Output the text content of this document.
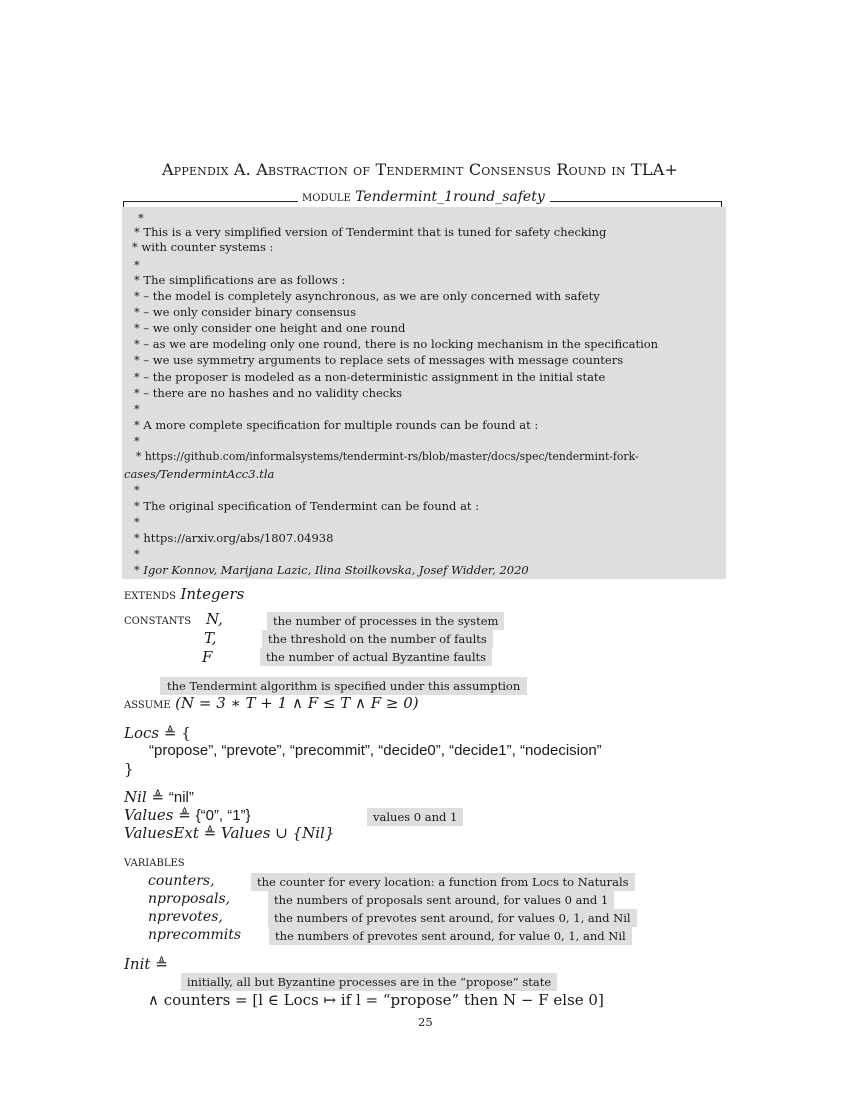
Appendix A. Abstraction of Tendermint Consensus Round in TLA+
module Tendermint_1round_safety
*
* This is a very simplified version of Tendermint that is tuned for safety checking
* with counter systems :
*
* The simplifications are as follows :
* – the model is completely asynchronous, as we are only concerned with safety
* – we only consider binary consensus
* – we only consider one height and one round
* – as we are modeling only one round, there is no locking mechanism in the specification
* – we use symmetry arguments to replace sets of messages with message counters
* – the proposer is modeled as a non-deterministic assignment in the initial state
* – there are no hashes and no validity checks
*
* A more complete specification for multiple rounds can be found at :
*
* https://github.com/informalsystems/tendermint-rs/blob/master/docs/spec/tendermint-fork-
cases/TendermintAcc3.tla
*
* The original specification of Tendermint can be found at :
*
* https://arxiv.org/abs/1807.04938
*
* Igor Konnov, Marijana Lazic, Ilina Stoilkovska, Josef Widder, 2020
extends Integers
constants N,	the number of processes in the system
T,	the threshold on the number of faults
F	the number of actual Byzantine faults
the Tendermint algorithm is specified under this assumption
assume (N = 3 ∗ T + 1 ∧ F ≤ T ∧ F ≥ 0)
Locs ≜ {
“propose”, “prevote”, “precommit”, “decide0”, “decide1”, “nodecision”
}
Nil ≜ “nil”
Values ≜ {“0”, “1”}	values 0 and 1
ValuesExt ≜ Values ∪ {Nil}
variables
counters,	the counter for every location: a function from Locs to Naturals
nproposals,	the numbers of proposals sent around, for values 0 and 1
nprevotes,	the numbers of prevotes sent around, for values 0, 1, and Nil
nprecommits	the numbers of prevotes sent around, for value 0, 1, and Nil
Init ≜
initially, all but Byzantine processes are in the “propose” state
∧ counters = [l ∈ Locs ↦ if l = “propose” then N − F else 0]
25
